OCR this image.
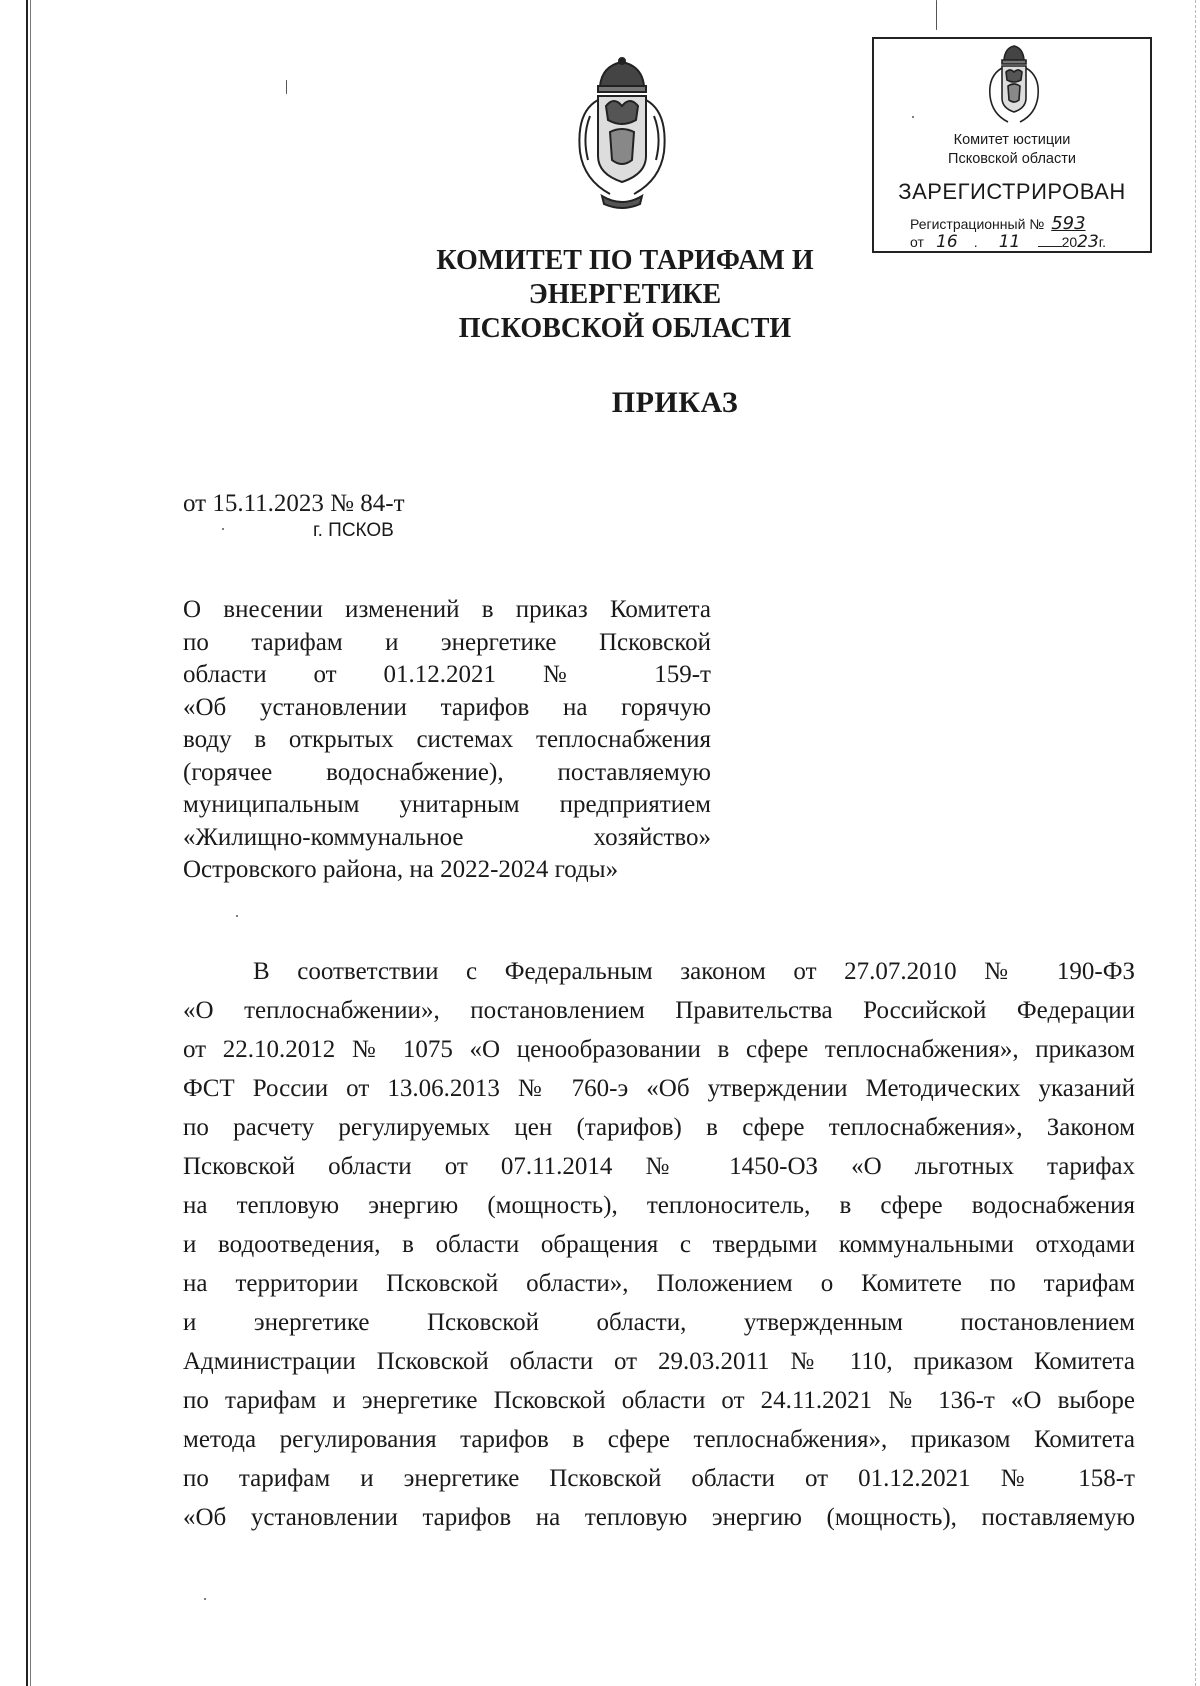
Комитет юстиции
Псковской области
ЗАРЕГИСТРИРОВАН
Регистрационный № 593
от 16 . 11	2023г.
КОМИТЕТ ПО ТАРИФАМ И ЭНЕРГЕТИКЕ
ПСКОВСКОЙ ОБЛАСТИ
ПРИКАЗ
от 15.11.2023 № 84-т
г. ПСКОВ
О внесении изменений в приказ Комитета
по тарифам и энергетике Псковской
области от 01.12.2021 № 159-т
«Об установлении тарифов на горячую
воду в открытых системах теплоснабжения
(горячее водоснабжение), поставляемую
муниципальным унитарным предприятием
«Жилищно-коммунальное хозяйство»
Островского района, на 2022-2024 годы»
В соответствии с Федеральным законом от 27.07.2010 № 190-ФЗ
«О теплоснабжении», постановлением Правительства Российской Федерации
от 22.10.2012 № 1075 «О ценообразовании в сфере теплоснабжения», приказом
ФСТ России от 13.06.2013 № 760-э «Об утверждении Методических указаний
по расчету регулируемых цен (тарифов) в сфере теплоснабжения», Законом
Псковской области от 07.11.2014 № 1450-ОЗ «О льготных тарифах
на тепловую энергию (мощность), теплоноситель, в сфере водоснабжения
и водоотведения, в области обращения с твердыми коммунальными отходами
на территории Псковской области», Положением о Комитете по тарифам
и энергетике Псковской области, утвержденным постановлением
Администрации Псковской области от 29.03.2011 № 110, приказом Комитета
по тарифам и энергетике Псковской области от 24.11.2021 № 136-т «О выборе
метода регулирования тарифов в сфере теплоснабжения», приказом Комитета
по тарифам и энергетике Псковской области от 01.12.2021 № 158-т
«Об установлении тарифов на тепловую энергию (мощность), поставляемую
